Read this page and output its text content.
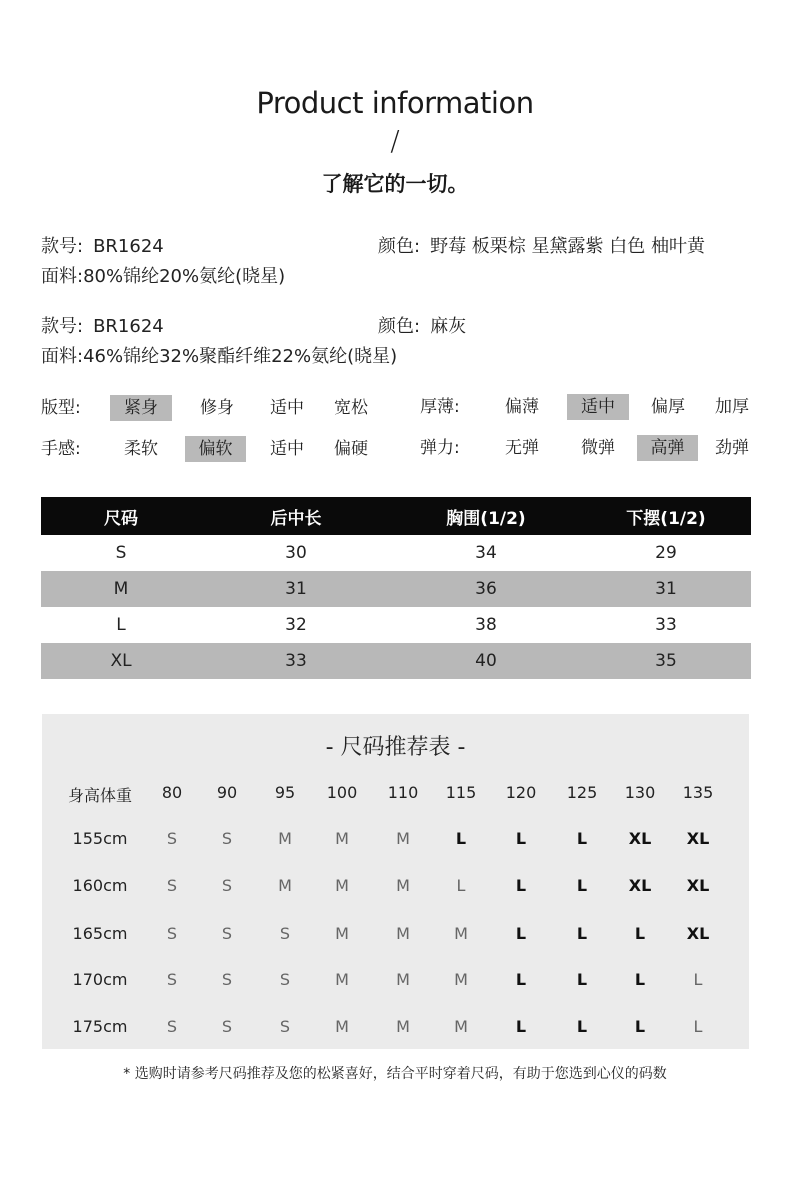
Product information
/
了解它的一切。
款号: BR1624	颜色: 野莓 板栗棕 星黛露紫 白色 柚叶黄
面料:80%锦纶20%氨纶(晓星)
款号: BR1624	颜色: 麻灰
面料:46%锦纶32%聚酯纤维22%氨纶(晓星)
版型:	紧身	修身	适中	宽松	厚薄:	偏薄	适中	偏厚	加厚
手感:	柔软	偏软	适中	偏硬	弹力:	无弹	微弹	高弹	劲弹
尺码	后中长	胸围(1/2)	下摆(1/2)
S	30	34	29
M	31	36	31
L	32	38	33
XL	33	40	35
- 尺码推荐表 -
身高体重	80	90	95	100	110	115	120	125	130	135
155cm	S	S	M	M	M	L	L	L	XL	XL
160cm	S	S	M	M	M	L	L	L	XL	XL
165cm	S	S	S	M	M	M	L	L	L	XL
170cm	S	S	S	M	M	M	L	L	L	L
175cm	S	S	S	M	M	M	L	L	L	L
* 选购时请参考尺码推荐及您的松紧喜好，结合平时穿着尺码，有助于您选到心仪的码数
